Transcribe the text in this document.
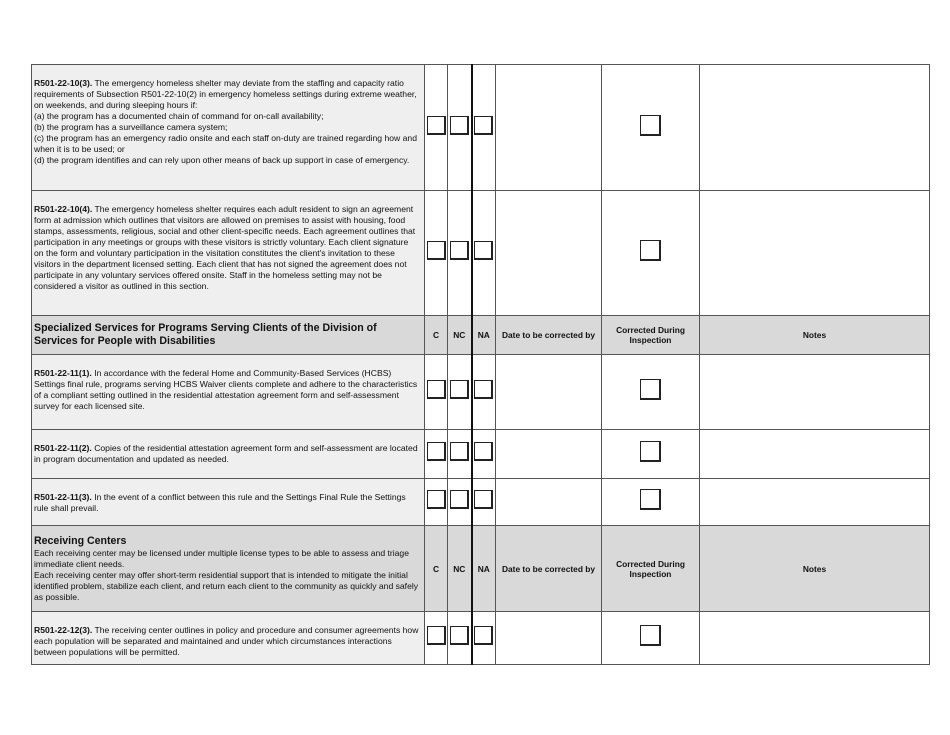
R501-22-10(3). The emergency homeless shelter may deviate from the staffing and capacity ratio requirements of Subsection R501-22-10(2) in emergency homeless settings during extreme weather, on weekends, and during sleeping hours if:
(a) the program has a documented chain of command for on-call availability;
(b) the program has a surveillance camera system;
(c) the program has an emergency radio onsite and each staff on-duty are trained regarding how and when it is to be used; or
(d) the program identifies and can rely upon other means of back up support in case of emergency.						

R501-22-10(4). The emergency homeless shelter requires each adult resident to sign an agreement form at admission which outlines that visitors are allowed on premises to assist with housing, food stamps, assessments, religious, social and other client-specific needs. Each agreement outlines that participation in any meetings or groups with these visitors is strictly voluntary. Each client signature on the form and voluntary participation in the visitation constitutes the client's invitation to these visitors in the department licensed setting. Each client that has not signed the agreement does not participate in any voluntary services offered onsite. Staff in the homeless setting may not be considered a visitor as outlined in this section.						

Specialized Services for Programs Serving Clients of the Division of Services for People with Disabilities	C	NC	NA	Date to be corrected by	Corrected During Inspection	Notes
R501-22-11(1). In accordance with the federal Home and Community-Based Services (HCBS) Settings final rule, programs serving HCBS Waiver clients complete and adhere to the characteristics of a compliant setting outlined in the residential attestation agreement form and self-assessment survey for each licensed site.						
R501-22-11(2). Copies of the residential attestation agreement form and self-assessment are located in program documentation and updated as needed.						
R501-22-11(3). In the event of a conflict between this rule and the Settings Final Rule the Settings rule shall prevail.						

Receiving Centers
Each receiving center may be licensed under multiple license types to be able to assess and triage immediate client needs.
Each receiving center may offer short-term residential support that is intended to mitigate the initial identified problem, stabilize each client, and return each client to the community as quickly and safely as possible.	C	NC	NA	Date to be corrected by	Corrected During Inspection	Notes
R501-22-12(3). The receiving center outlines in policy and procedure and consumer agreements how each population will be separated and maintained and under which circumstances interactions between populations will be permitted.						
